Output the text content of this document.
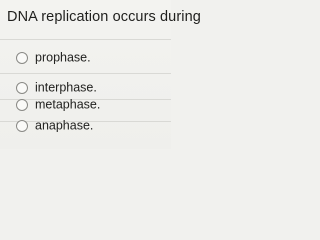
DNA replication occurs during
prophase.
interphase.
metaphase.
anaphase.
